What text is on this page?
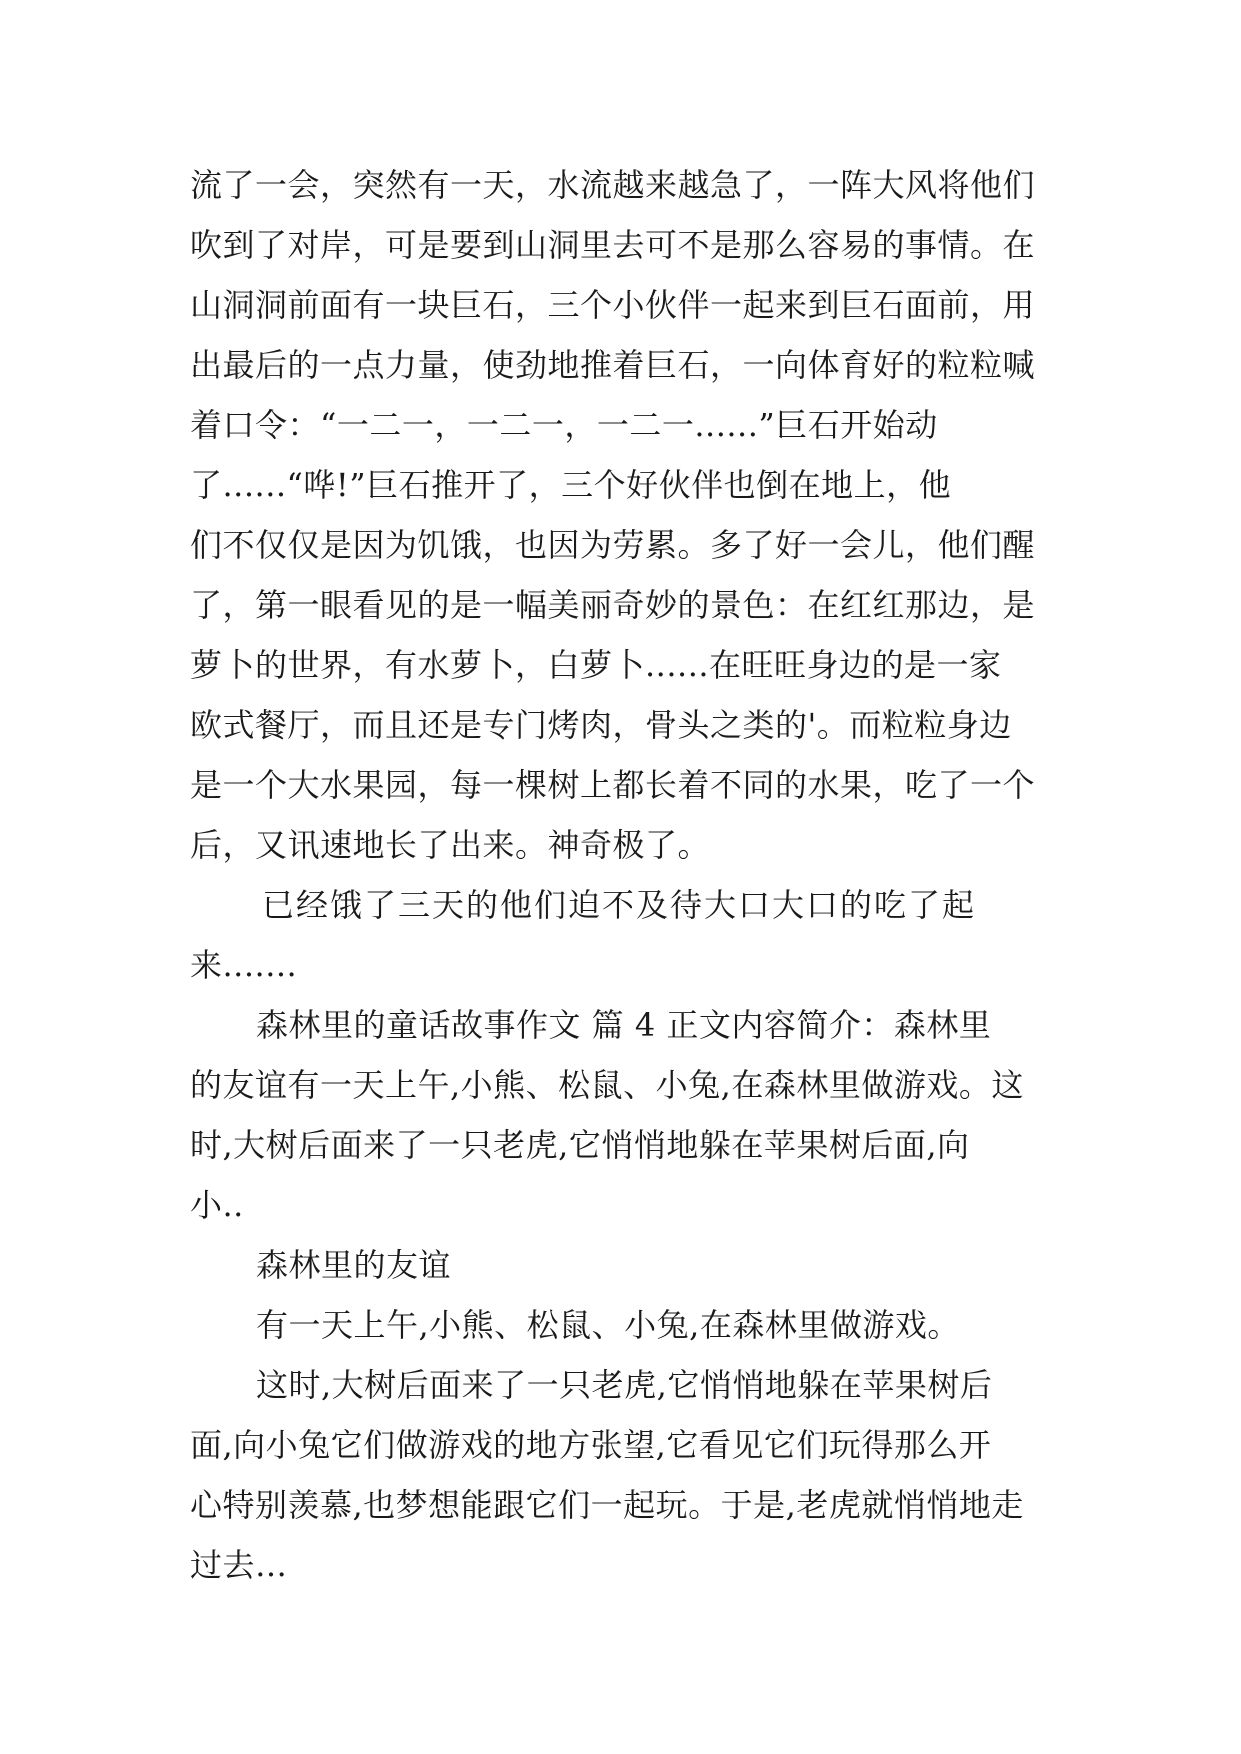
流了一会，突然有一天，水流越来越急了，一阵大风将他们
吹到了对岸，可是要到山洞里去可不是那么容易的事情。在
山洞洞前面有一块巨石，三个小伙伴一起来到巨石面前，用
出最后的一点力量，使劲地推着巨石，一向体育好的粒粒喊
着口令：“一二一，一二一，一二一......”巨石开始动
了......“哗!”巨石推开了，三个好伙伴也倒在地上，他
们不仅仅是因为饥饿，也因为劳累。多了好一会儿，他们醒
了，第一眼看见的是一幅美丽奇妙的景色：在红红那边，是
萝卜的世界，有水萝卜，白萝卜......在旺旺身边的是一家
欧式餐厅，而且还是专门烤肉，骨头之类的'。而粒粒身边
是一个大水果园，每一棵树上都长着不同的水果，吃了一个
后，又讯速地长了出来。神奇极了。
已经饿了三天的他们迫不及待大口大口的吃了起
来.......
森林里的童话故事作文 篇 4 正文内容简介：森林里
的友谊有一天上午,小熊、松鼠、小兔,在森林里做游戏。这
时,大树后面来了一只老虎,它悄悄地躲在苹果树后面,向
小..
森林里的友谊
有一天上午,小熊、松鼠、小兔,在森林里做游戏。
这时,大树后面来了一只老虎,它悄悄地躲在苹果树后
面,向小兔它们做游戏的地方张望,它看见它们玩得那么开
心特别羡慕,也梦想能跟它们一起玩。于是,老虎就悄悄地走
过去…
